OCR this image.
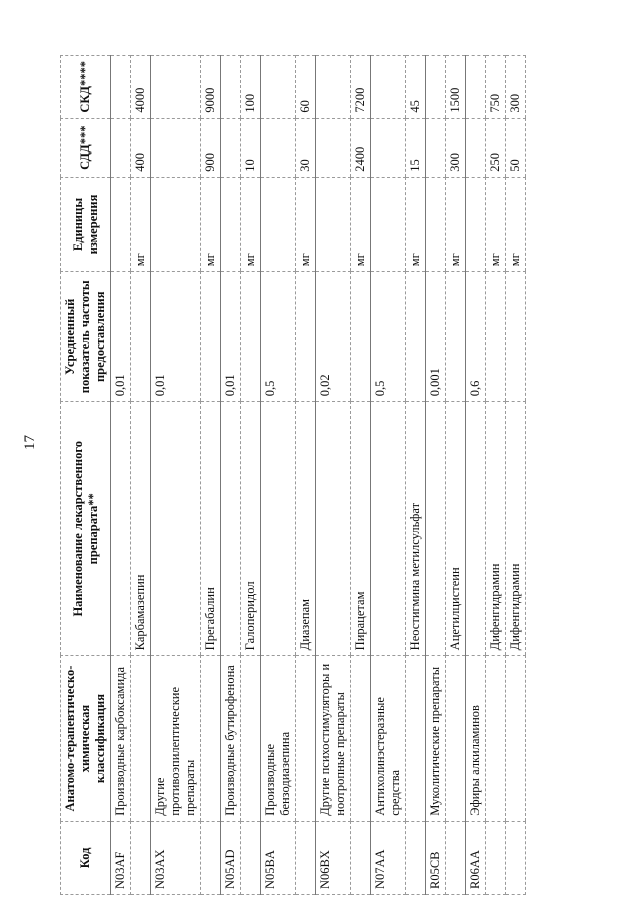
17
Код	Анатомо-терапевтическо-химическая классификация	Наименование лекарственного препарата**	Усредненный показатель частоты предоставления	Единицы измерения	СДД***	СКД****
N03AF	Производные карбоксамида		0,01			
		Карбамазепин		мг	400	4000
N03AX	Другие противоэпилептические препараты		0,01			
		Прегабалин		мг	900	9000
N05AD	Производные бутирофенона		0,01			
		Галоперидол		мг	10	100
N05BA	Производные бензодиазепина		0,5			
		Диазепам		мг	30	60
N06BX	Другие психостимуляторы и ноотропные препараты		0,02			
		Пирацетам		мг	2400	7200
N07AA	Антихолинэстеразные средства		0,5			
		Неостигмина метилсульфат		мг	15	45
R05CB	Муколитические препараты		0,001			
		Ацетилцистеин		мг	300	1500
R06AA	Эфиры алкиламинов		0,6			
		Дифенгидрамин		мг	250	750
		Дифенгидрамин		мг	50	300
